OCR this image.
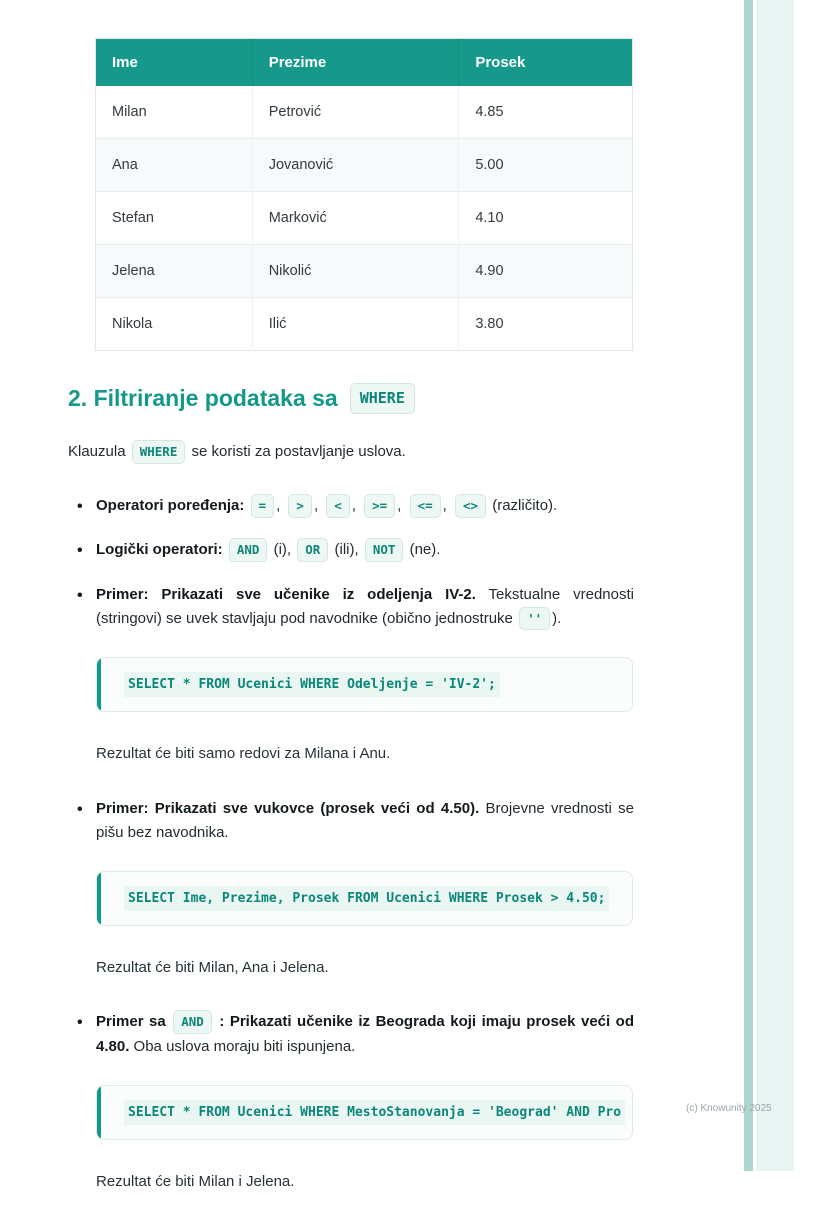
Ime	Prezime	Prosek
Milan	Petrović	4.85
Ana	Jovanović	5.00
Stefan	Marković	4.10
Jelena	Nikolić	4.90
Nikola	Ilić	3.80
2. Filtriranje podataka sa	WHERE

Klauzula WHERE se koristi za postavljanje uslova.

• Operatori poređenja: = , > , < , >= , <= , <> (različito).
• Logički operatori: AND (i), OR (ili), NOT (ne).
• Primer: Prikazati sve učenike iz odeljenja IV-2. Tekstualne vrednosti (stringovi) se uvek stavljaju pod navodnike (obično jednostruke '' ).
SELECT * FROM Ucenici WHERE Odeljenje = 'IV-2';

Rezultat će biti samo redovi za Milana i Anu.

• Primer: Prikazati sve vukovce (prosek veći od 4.50). Brojevne vrednosti se pišu bez navodnika.
SELECT Ime, Prezime, Prosek FROM Ucenici WHERE Prosek > 4.50;

Rezultat će biti Milan, Ana i Jelena.

• Primer sa AND : Prikazati učenike iz Beograda koji imaju prosek veći od 4.80. Oba uslova moraju biti ispunjena.
SELECT * FROM Ucenici WHERE MestoStanovanja = 'Beograd' AND Pro

Rezultat će biti Milan i Jelena.

(c) Knowunity 2025
